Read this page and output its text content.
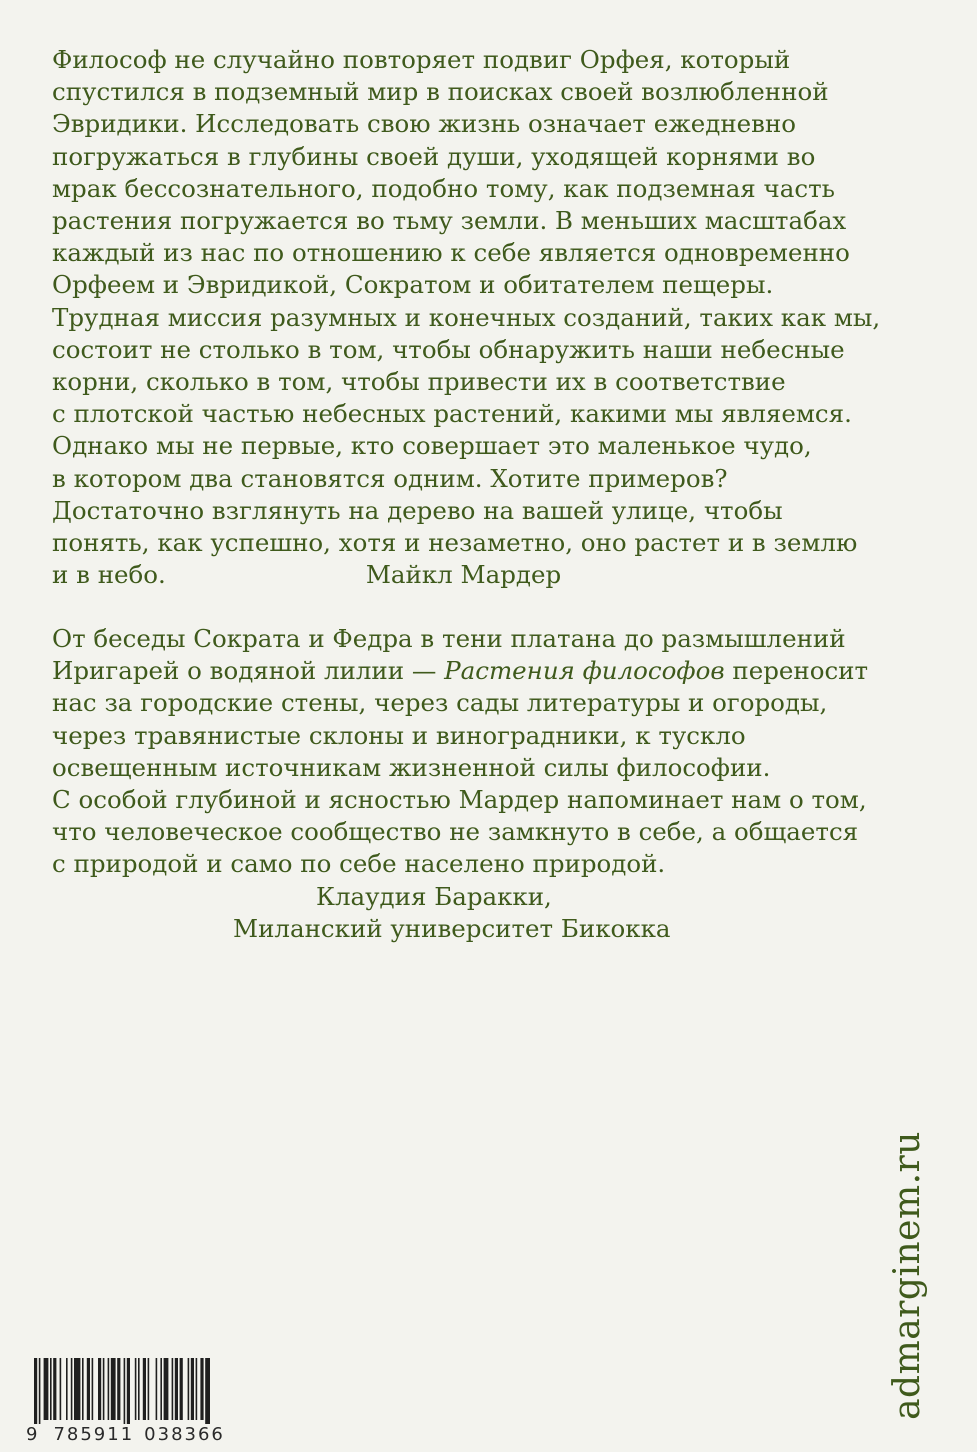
Философ не случайно повторяет подвиг Орфея, который
спустился в подземный мир в поисках своей возлюбленной
Эвридики. Исследовать свою жизнь означает ежедневно
погружаться в глубины своей души, уходящей корнями во
мрак бессознательного, подобно тому, как подземная часть
растения погружается во тьму земли. В меньших масштабах
каждый из нас по отношению к себе является одновременно
Орфеем и Эвридикой, Сократом и обитателем пещеры.
Трудная миссия разумных и конечных созданий, таких как мы,
состоит не столько в том, чтобы обнаружить наши небесные
корни, сколько в том, чтобы привести их в соответствие
с плотской частью небесных растений, какими мы являемся.
Однако мы не первые, кто совершает это маленькое чудо,
в котором два становятся одним. Хотите примеров?
Достаточно взглянуть на дерево на вашей улице, чтобы
понять, как успешно, хотя и незаметно, оно растет и в землю
и в небо.	Майкл Мардер
От беседы Сократа и Федра в тени платана до размышлений
Иригарей о водяной лилии — Растения философов переносит
нас за городские стены, через сады литературы и огороды,
через травянистые склоны и виноградники, к тускло
освещенным источникам жизненной силы философии.
С особой глубиной и ясностью Мардер напоминает нам о том,
что человеческое сообщество не замкнуто в себе, а общается
с природой и само по себе населено природой.
Клаудия Баракки,
Миланский университет Бикокка
admarginem.ru
9 785911 038366
